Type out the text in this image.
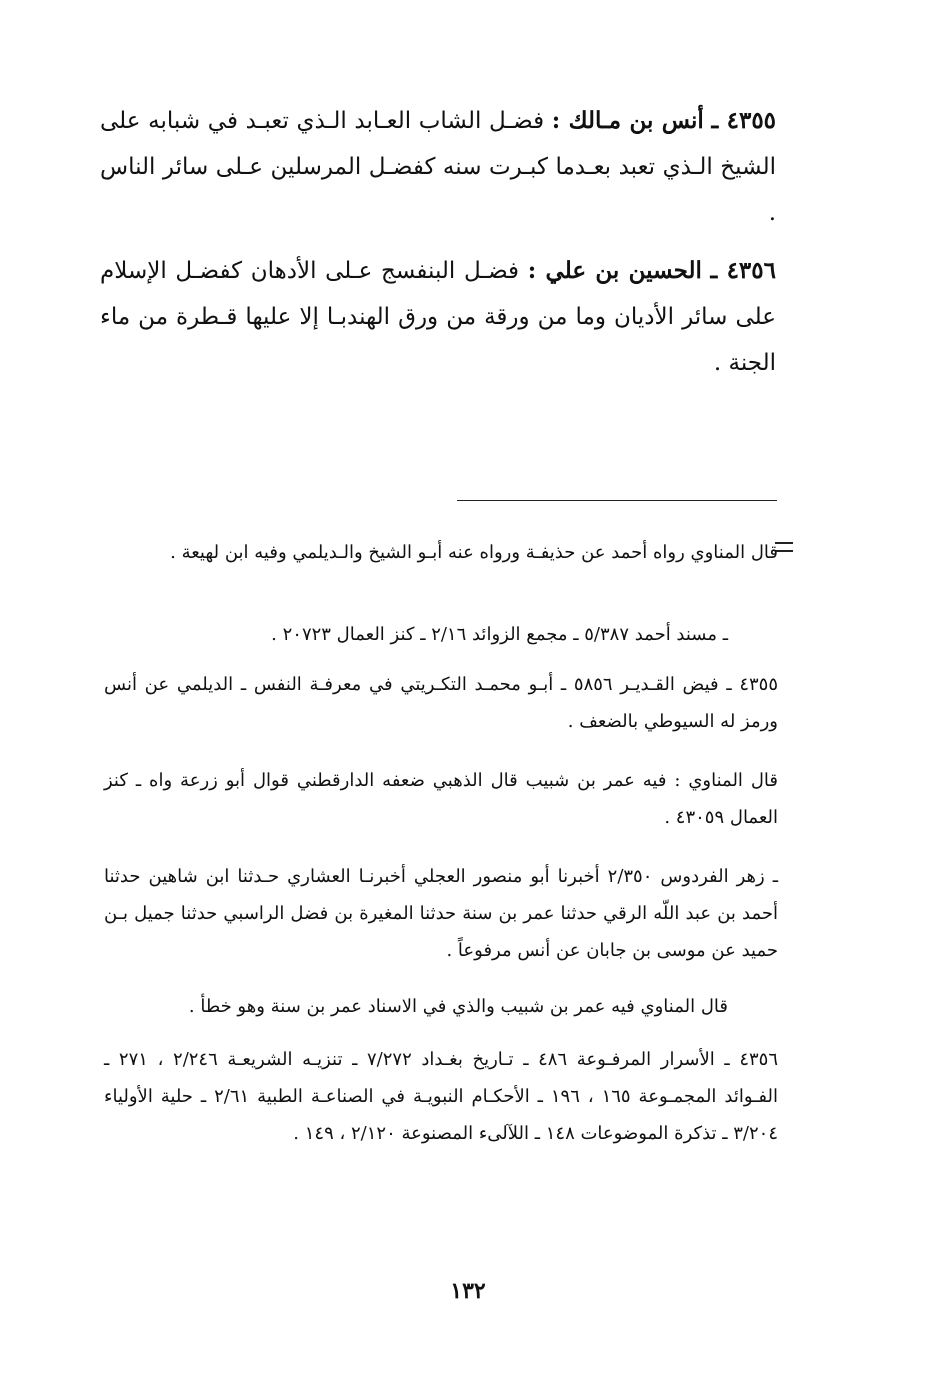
٤٣٥٥ ـ أنس بن مـالك : فضـل الشاب العـابد الـذي تعبـد في شبابه على الشيخ الـذي تعبد بعـدما كبـرت سنه كفضـل المرسلين عـلى سائر الناس .

٤٣٥٦ ـ الحسين بن علي : فضـل البنفسج عـلى الأدهان كفضـل الإسلام على سائر الأديان وما من ورقة من ورق الهندبـا إلا عليها قـطرة من ماء الجنة .

قال المناوي رواه أحمد عن حذيفـة ورواه عنه أبـو الشيخ والـديلمي وفيه ابن لهيعة .

ـ مسند أحمد ٥/٣٨٧ ـ مجمع الزوائد ٢/١٦ ـ كنز العمال ٢٠٧٢٣ .

٤٣٥٥ ـ فيض القـديـر ٥٨٥٦ ـ أبـو محمـد التكـريتي في معرفـة النفس ـ الديلمي عن أنس ورمز له السيوطي بالضعف .

قال المناوي : فيه عمر بن شبيب قال الذهبي ضعفه الدارقطني قوال أبو زرعة واه ـ كنز العمال ٤٣٠٥٩ .

ـ زهر الفردوس ٢/٣٥٠ أخبرنا أبو منصور العجلي أخبرنـا العشاري حـدثنا ابن شاهين حدثنا أحمد بن عبد اللّه الرقي حدثنا عمر بن سنة حدثنا المغيرة بن فضل الراسبي حدثنا جميل بـن حميد عن موسى بن جابان عن أنس مرفوعاً .

قال المناوي فيه عمر بن شبيب والذي في الاسناد عمر بن سنة وهو خطأ .

٤٣٥٦ ـ الأسرار المرفـوعة ٤٨٦ ـ تـاريخ بغـداد ٧/٢٧٢ ـ تنزيـه الشريعـة ٢/٢٤٦ ، ٢٧١ ـ الفـوائد المجمـوعة ١٦٥ ، ١٩٦ ـ الأحكـام النبويـة في الصناعـة الطبية ٢/٦١ ـ حلية الأولياء ٣/٢٠٤ ـ تذكرة الموضوعات ١٤٨ ـ اللآلىء المصنوعة ٢/١٢٠ ، ١٤٩ .

١٣٢
